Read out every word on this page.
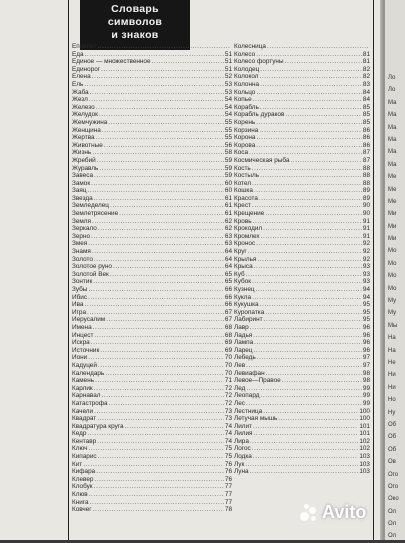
Словарь
символов
и знаков
Еппипет
.....
Еда .....	51
Единое — множественное .....	51
Единорог .....	51
Елена .....	52
Ель .....	53
Жаба .....	53
Жезл .....	54
Железо .....	54
Желудок .....	54
Жемчужина .....	55
Женщина .....	55
Жертва .....	55
Животные .....	56
Жизнь .....	58
Жребий .....	59
Журавль .....	59
Завеса .....	59
Замок .....	60
Заяц .....	60
Звезда .....	61
Земледелец .....	61
Землетрясение .....	61
Земля .....	62
Зеркало .....	62
Зерно .....	63
Змея .....	63
Знамя .....	64
Золото .....	64
Золотое руно .....	64
Золотой Век .....	65
Зонтик .....	65
Зубы .....	66
Ибис .....	66
Ива .....	66
Игра .....	67
Иерусалим .....	67
Имена .....	68
Инцест .....	68
Искра .....	69
Источник .....	69
Йони .....	70
Кадуцей .....	70
Календарь .....	70
Камень .....	71
Карлик .....	72
Карнавал .....	72
Катастрофа .....	72
Качели .....	73
Квадрат .....	73
Квадратура круга .....	74
Кедр .....	74
Кентавр .....	74
Ключ .....	75
Кипарис .....	75
Кит .....	76
Кифара .....	76
Клевер .....	76
Клобук .....	77
Клюв .....	77
Книга .....	77
Ковчег .....	78
Колесница
.....
Колесо .....	81
Колесо фортуны .....	81
Колодец .....	82
Колокол .....	82
Колонна .....	83
Кольцо .....	84
Копье .....	84
Корабль .....	85
Корабль дураков .....	85
Корень .....	85
Корзина .....	86
Корона .....	86
Корова .....	86
Коса .....	87
Космическая рыба .....	87
Кость .....	88
Костыль .....	88
Котел .....	88
Кошка .....	89
Красота .....	89
Крест .....	90
Крещение .....	90
Кровь .....	91
Крокодил .....	91
Кромлех .....	91
Кронос .....	92
Круг .....	92
Крылья .....	92
Крыса .....	93
Куб .....	93
Кубок .....	93
Кузнец .....	94
Кукла .....	94
Кукушка .....	95
Куропатка .....	95
Лабиринт .....	95
Лавр .....	96
Ладья .....	96
Лампа .....	96
Ларец .....	96
Лебедь .....	97
Лев .....	97
Левиафан .....	98
Левое—Правое .....	98
Лед .....	99
Леопард .....	99
Лес .....	99
Лестница .....	100
Летучая мышь .....	100
Лилит .....	101
Лилия .....	101
Лира .....	102
Логос .....	102
Лодка .....	103
Лук .....	103
Луна .....	103
Ло
Ло
Ма
Ма
Ма
Ма
Ма
Ма
Ме
Ме
Ме
Ми
Ми
Ми
Мо
Мо
Мо
Мо
Му
Му
Мы
На
На
Не
Ни
Ни
Но
Ну
Об
Об
Об
Ов
Ого
Ого
Око
Ол
Ол
Ол
Avito
